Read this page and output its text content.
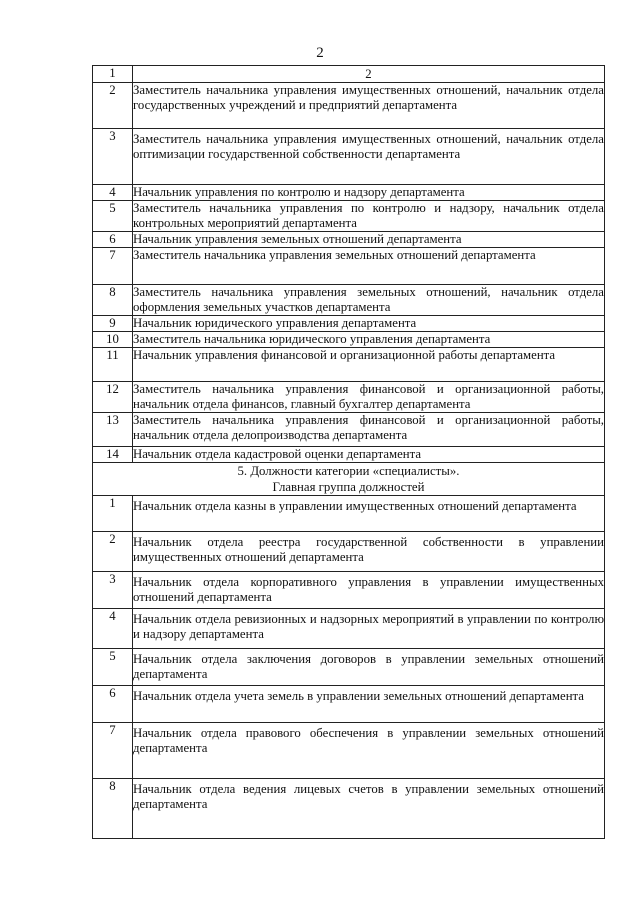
2
1	2
2	Заместитель начальника управления имущественных отношений, начальник отдела государственных учреждений и предприятий департамента
3	Заместитель начальника управления имущественных отношений, начальник отдела оптимизации государственной собственности департамента
4	Начальник управления по контролю и надзору департамента
5	Заместитель начальника управления по контролю и надзору, начальник отдела контрольных мероприятий департамента
6	Начальник управления земельных отношений департамента
7	Заместитель начальника управления земельных отношений департамента
8	Заместитель начальника управления земельных отношений, начальник отдела оформления земельных участков департамента
9	Начальник юридического управления департамента
10	Заместитель начальника юридического управления департамента
11	Начальник управления финансовой и организационной работы департамента
12	Заместитель начальника управления финансовой и организационной работы, начальник отдела финансов, главный бухгалтер департамента
13	Заместитель начальника управления финансовой и организационной работы, начальник отдела делопроизводства департамента
14	Начальник отдела кадастровой оценки департамента

5. Должности категории «специалисты».
Главная группа должностей	

1	Начальник отдела казны в управлении имущественных отношений департамента
2	Начальник отдела реестра государственной собственности в управлении имущественных отношений департамента
3	Начальник отдела корпоративного управления в управлении имущественных отношений департамента
4	Начальник отдела ревизионных и надзорных мероприятий в управлении по контролю и надзору департамента
5	Начальник отдела заключения договоров в управлении земельных отношений департамента
6	Начальник отдела учета земель в управлении земельных отношений департамента
7	Начальник отдела правового обеспечения в управлении земельных отношений департамента
8	Начальник отдела ведения лицевых счетов в управлении земельных отношений департамента
